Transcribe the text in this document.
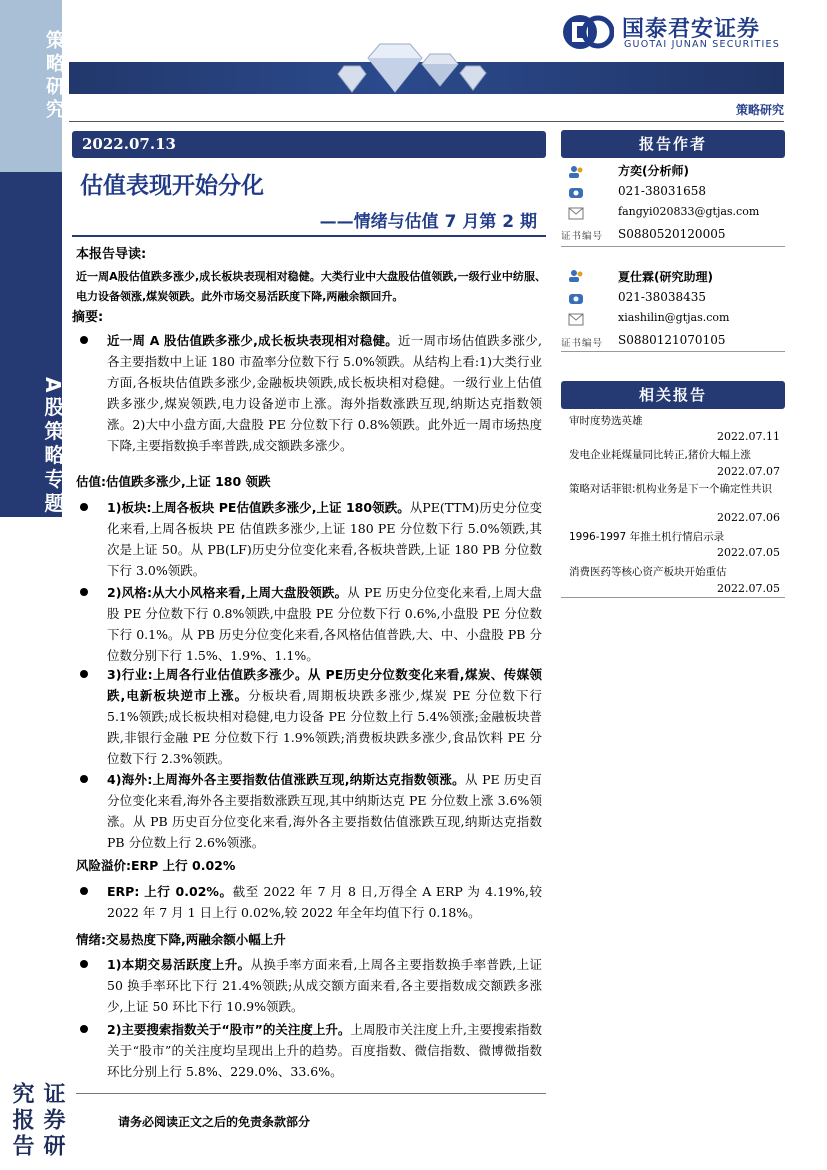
策略研究
A股策略专题
证券研究报告
国泰君安证券
GUOTAI JUNAN SECURITIES
策略研究
2022.07.13
估值表现开始分化
——情绪与估值 7 月第 2 期
本报告导读:
近一周A股估值跌多涨少,成长板块表现相对稳健。大类行业中大盘股估值领跌,一级行业中纺服、电力设备领涨,煤炭领跌。此外市场交易活跃度下降,两融余额回升。
摘要:
近一周 A 股估值跌多涨少,成长板块表现相对稳健。近一周市场估值跌多涨少,各主要指数中上证 180 市盈率分位数下行 5.0%领跌。从结构上看:1)大类行业方面,各板块估值跌多涨少,金融板块领跌,成长板块相对稳健。一级行业上估值跌多涨少,煤炭领跌,电力设备逆市上涨。海外指数涨跌互现,纳斯达克指数领涨。2)大中小盘方面,大盘股 PE 分位数下行 0.8%领跌。此外近一周市场热度下降,主要指数换手率普跌,成交额跌多涨少。
估值:估值跌多涨少,上证 180 领跌
1)板块:上周各板块 PE估值跌多涨少,上证 180领跌。从PE(TTM)历史分位变化来看,上周各板块 PE 估值跌多涨少,上证 180 PE 分位数下行 5.0%领跌,其次是上证 50。从 PB(LF)历史分位变化来看,各板块普跌,上证 180 PB 分位数下行 3.0%领跌。
2)风格:从大小风格来看,上周大盘股领跌。从 PE 历史分位变化来看,上周大盘股 PE 分位数下行 0.8%领跌,中盘股 PE 分位数下行 0.6%,小盘股 PE 分位数下行 0.1%。从 PB 历史分位变化来看,各风格估值普跌,大、中、小盘股 PB 分位数分别下行 1.5%、1.9%、1.1%。
3)行业:上周各行业估值跌多涨少。从 PE历史分位数变化来看,煤炭、传媒领跌,电新板块逆市上涨。分板块看,周期板块跌多涨少,煤炭 PE 分位数下行 5.1%领跌;成长板块相对稳健,电力设备 PE 分位数上行 5.4%领涨;金融板块普跌,非银行金融 PE 分位数下行 1.9%领跌;消费板块跌多涨少,食品饮料 PE 分位数下行 2.3%领跌。
4)海外:上周海外各主要指数估值涨跌互现,纳斯达克指数领涨。从 PE 历史百分位变化来看,海外各主要指数涨跌互现,其中纳斯达克 PE 分位数上涨 3.6%领涨。从 PB 历史百分位变化来看,海外各主要指数估值涨跌互现,纳斯达克指数 PB 分位数上行 2.6%领涨。
风险溢价:ERP 上行 0.02%
ERP: 上行 0.02%。截至 2022 年 7 月 8 日,万得全 A ERP 为 4.19%,较 2022 年 7 月 1 日上行 0.02%,较 2022 年全年均值下行 0.18%。
情绪:交易热度下降,两融余额小幅上升
1)本期交易活跃度上升。从换手率方面来看,上周各主要指数换手率普跌,上证 50 换手率环比下行 21.4%领跌;从成交额方面来看,各主要指数成交额跌多涨少,上证 50 环比下行 10.9%领跌。
2)主要搜索指数关于“股市”的关注度上升。上周股市关注度上升,主要搜索指数关于“股市”的关注度均呈现出上升的趋势。百度指数、微信指数、微博微指数环比分别上行 5.8%、229.0%、33.6%。
请务必阅读正文之后的免责条款部分
报告作者
方奕(分析师)
021-38031658
fangyi020833@gtjas.com
证书编号 S0880520120005
夏仕霖(研究助理)
021-38038435
xiashilin@gtjas.com
证书编号 S0880121070105
相关报告
审时度势选英雄
2022.07.11
发电企业耗煤量同比转正,猪价大幅上涨
2022.07.07
策略对话菲银:机构业务是下一个确定性共识
2022.07.06
1996-1997 年推土机行情启示录
2022.07.05
消费医药等核心资产板块开始重估
2022.07.05
